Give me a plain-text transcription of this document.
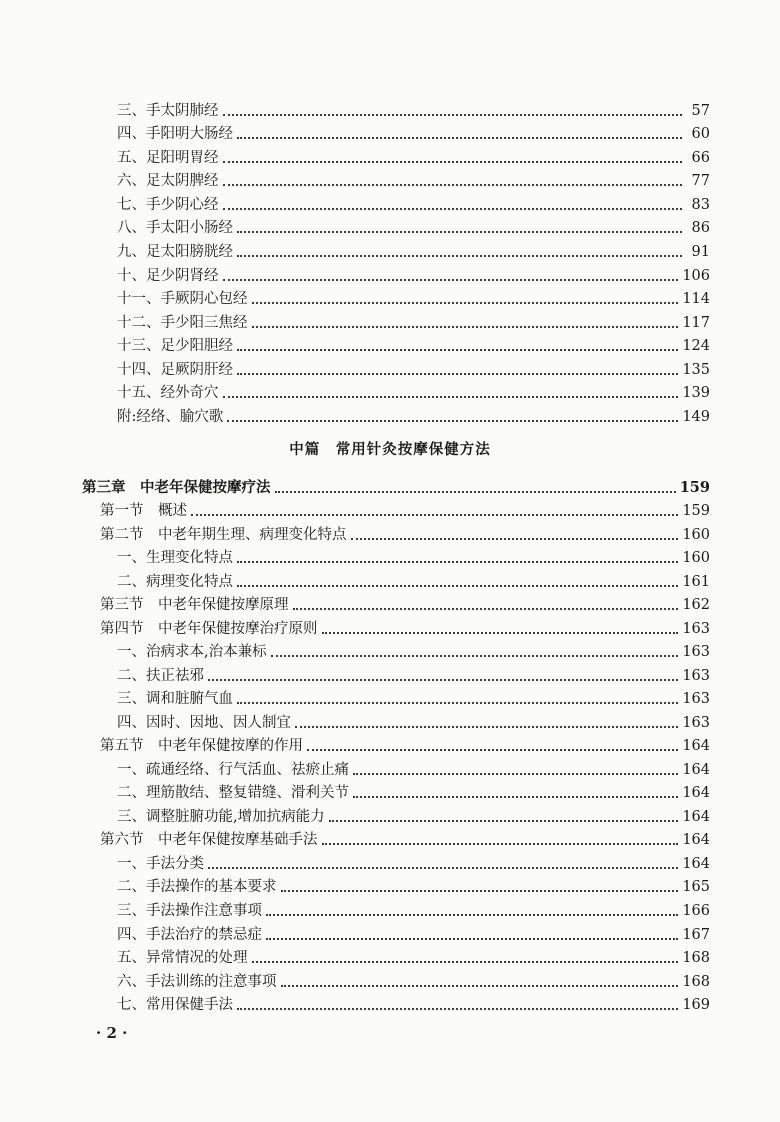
三、手太阴肺经	57
四、手阳明大肠经	60
五、足阳明胃经	66
六、足太阴脾经	77
七、手少阴心经	83
八、手太阳小肠经	86
九、足太阳膀胱经	91
十、足少阴肾经	106
十一、手厥阴心包经	114
十二、手少阳三焦经	117
十三、足少阳胆经	124
十四、足厥阴肝经	135
十五、经外奇穴	139
附:经络、腧穴歌	149
中篇　常用针灸按摩保健方法
第三章　中老年保健按摩疗法	159
第一节　概述	159
第二节　中老年期生理、病理变化特点	160
一、生理变化特点	160
二、病理变化特点	161
第三节　中老年保健按摩原理	162
第四节　中老年保健按摩治疗原则	163
一、治病求本,治本兼标	163
二、扶正祛邪	163
三、调和脏腑气血	163
四、因时、因地、因人制宜	163
第五节　中老年保健按摩的作用	164
一、疏通经络、行气活血、祛瘀止痛	164
二、理筋散结、整复错缝、滑利关节	164
三、调整脏腑功能,增加抗病能力	164
第六节　中老年保健按摩基础手法	164
一、手法分类	164
二、手法操作的基本要求	165
三、手法操作注意事项	166
四、手法治疗的禁忌症	167
五、异常情况的处理	168
六、手法训练的注意事项	168
七、常用保健手法	169
· 2 ·
